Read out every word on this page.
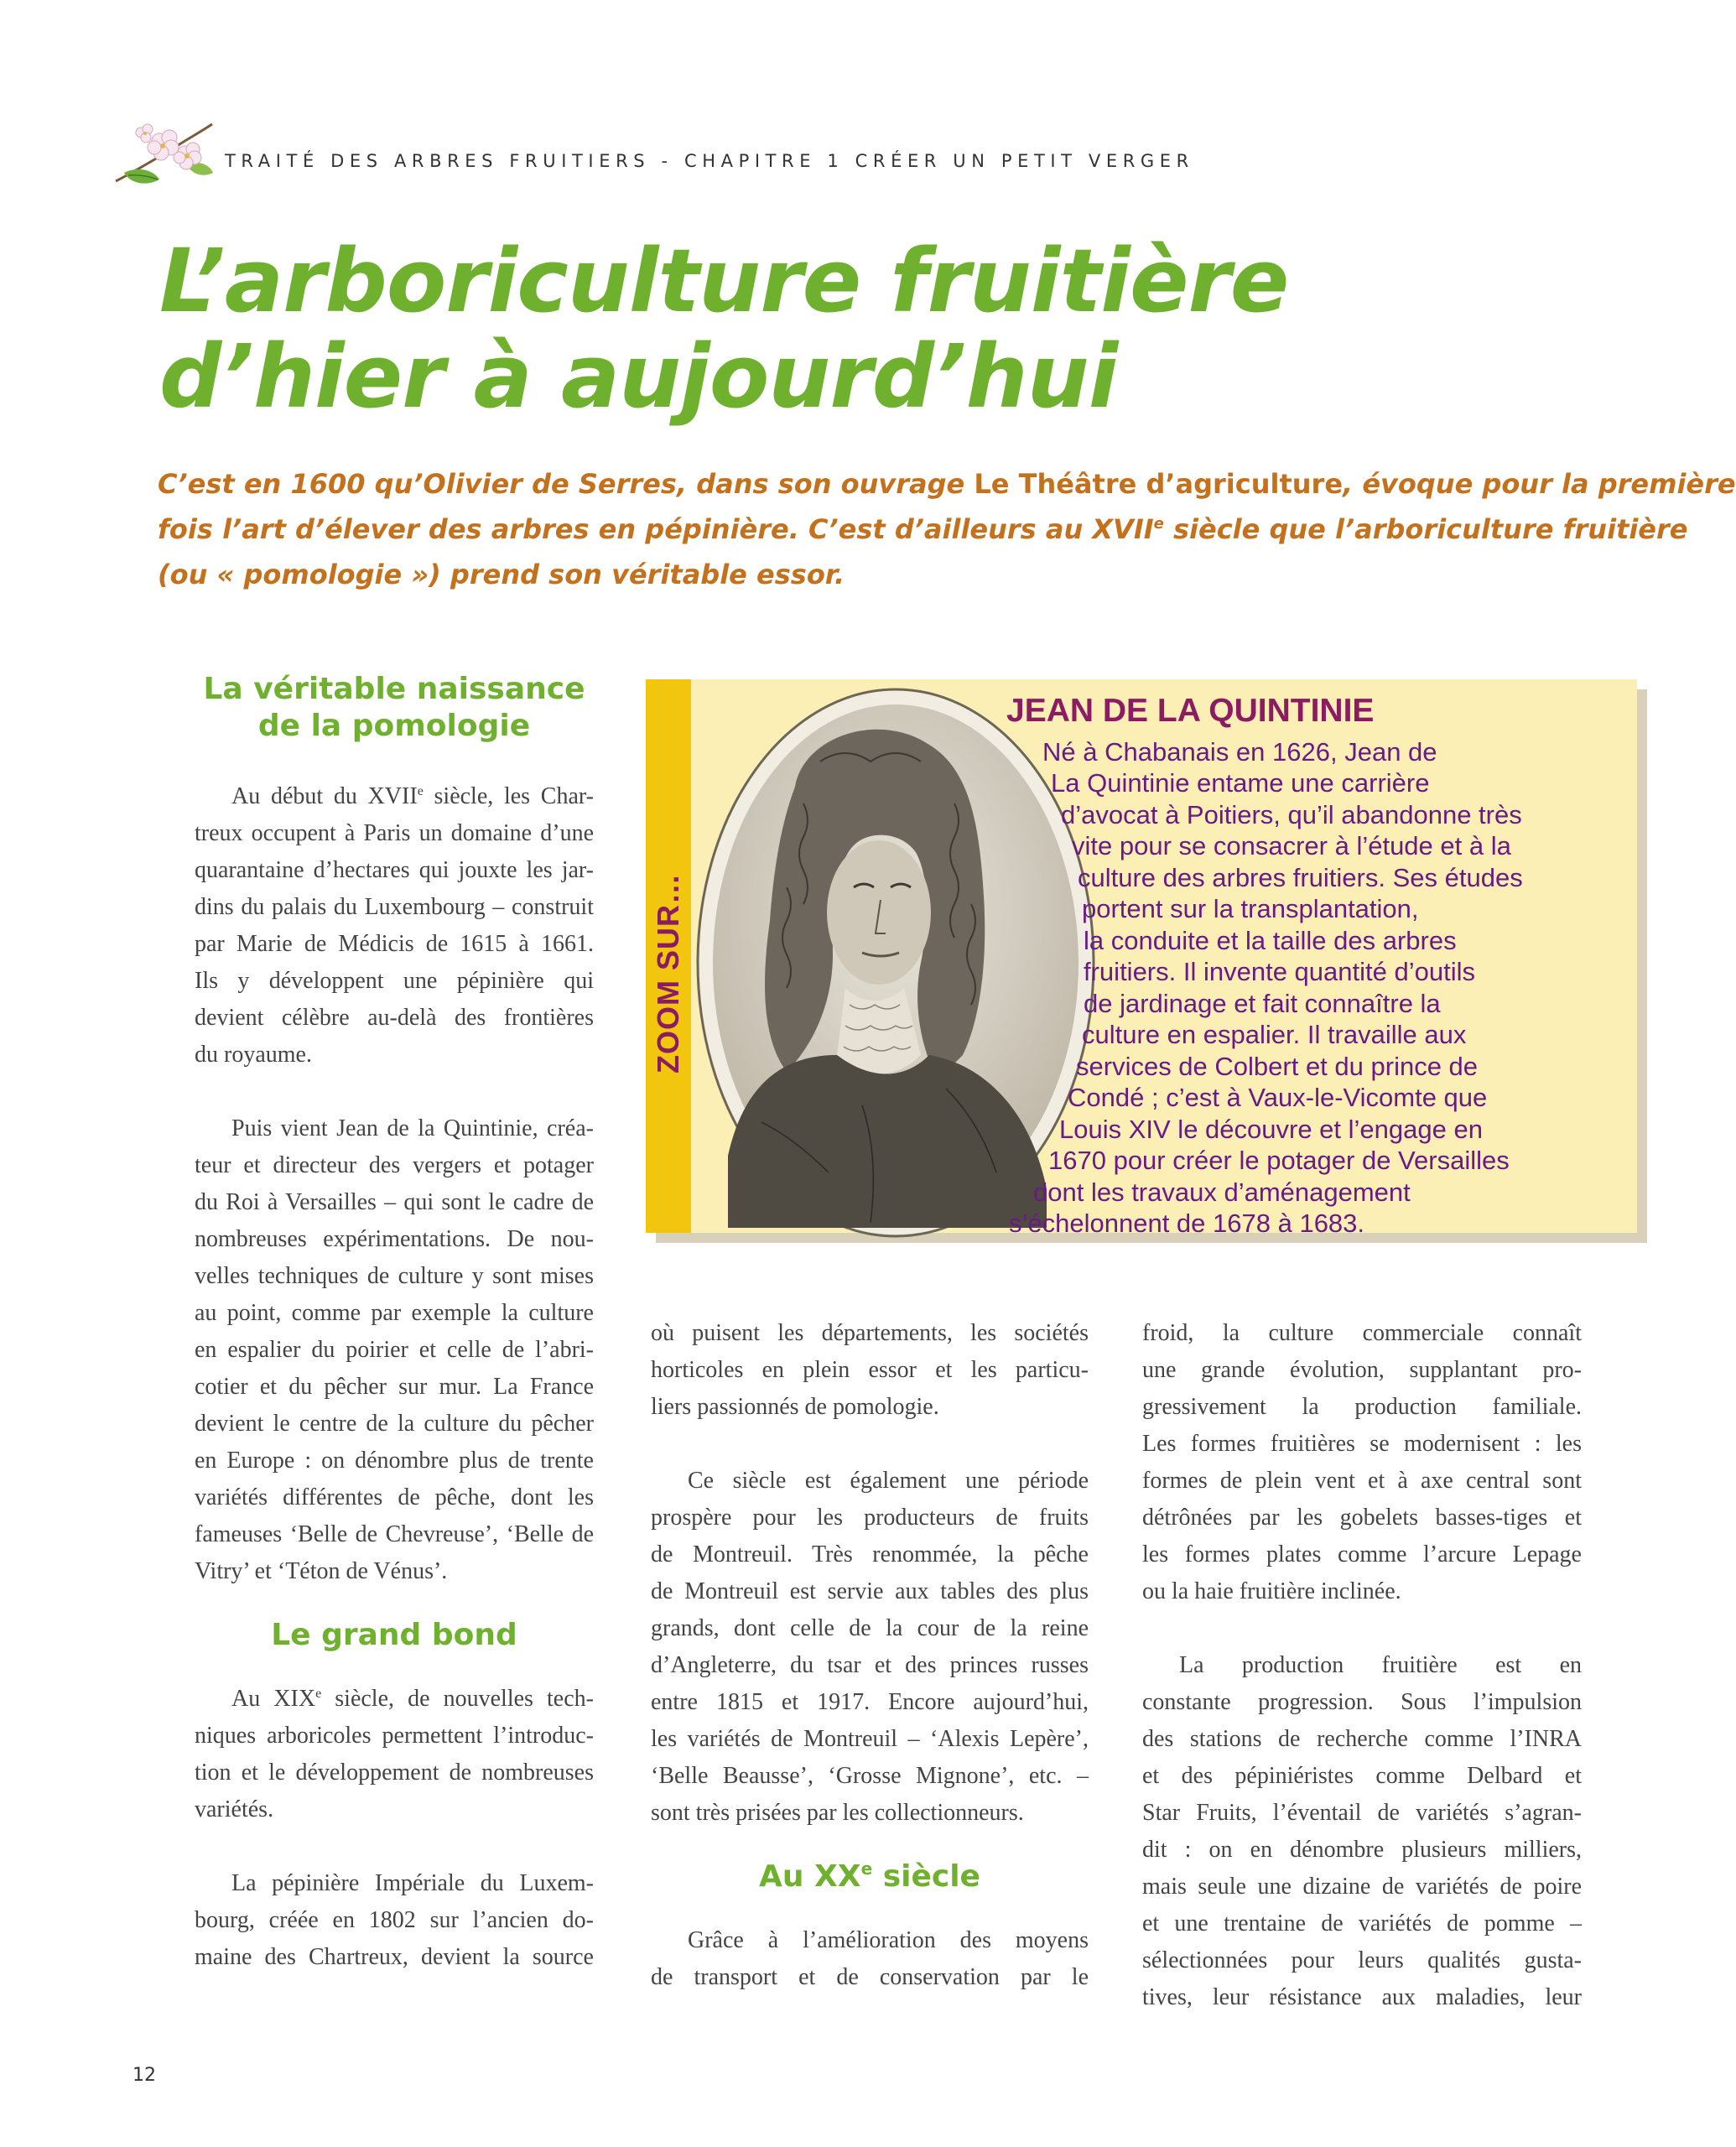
TRAITÉ DES ARBRES FRUITIERS - CHAPITRE 1 CRÉER UN PETIT VERGER
L’arboriculture fruitière
d’hier à aujourd’hui
C’est en 1600 qu’Olivier de Serres, dans son ouvrage Le Théâtre d’agriculture, évoque pour la première
fois l’art d’élever des arbres en pépinière. C’est d’ailleurs au XVIIe siècle que l’arboriculture fruitière
(ou « pomologie ») prend son véritable essor.
La véritable naissance
de la pomologie

Au début du XVIIe siècle, les Char-
treux occupent à Paris un domaine d’une
quarantaine d’hectares qui jouxte les jar-
dins du palais du Luxembourg – construit
par Marie de Médicis de 1615 à 1661.
Ils y développent une pépinière qui
devient célèbre au-delà des frontières
du royaume.

Puis vient Jean de la Quintinie, créa-
teur et directeur des vergers et potager
du Roi à Versailles – qui sont le cadre de
nombreuses expérimentations. De nou-
velles techniques de culture y sont mises
au point, comme par exemple la culture
en espalier du poirier et celle de l’abri-
cotier et du pêcher sur mur. La France
devient le centre de la culture du pêcher
en Europe : on dénombre plus de trente
variétés différentes de pêche, dont les
fameuses ‘Belle de Chevreuse’, ‘Belle de
Vitry’ et ‘Téton de Vénus’.

Le grand bond

Au XIXe siècle, de nouvelles tech-
niques arboricoles permettent l’introduc-
tion et le développement de nombreuses
variétés.

La pépinière Impériale du Luxem-
bourg, créée en 1802 sur l’ancien do-
maine des Chartreux, devient la source

ZOOM SUR…
JEAN DE LA QUINTINIE
Né à Chabanais en 1626, Jean de
La Quintinie entame une carrière
d’avocat à Poitiers, qu’il abandonne très
vite pour se consacrer à l’étude et à la
culture des arbres fruitiers. Ses études
portent sur la transplantation,
la conduite et la taille des arbres
fruitiers. Il invente quantité d’outils
de jardinage et fait connaître la
culture en espalier. Il travaille aux
services de Colbert et du prince de
Condé ; c’est à Vaux-le-Vicomte que
Louis XIV le découvre et l’engage en
1670 pour créer le potager de Versailles
dont les travaux d’aménagement
s’échelonnent de 1678 à 1683.

où puisent les départements, les sociétés
horticoles en plein essor et les particu-
liers passionnés de pomologie.

Ce siècle est également une période
prospère pour les producteurs de fruits
de Montreuil. Très renommée, la pêche
de Montreuil est servie aux tables des plus
grands, dont celle de la cour de la reine
d’Angleterre, du tsar et des princes russes
entre 1815 et 1917. Encore aujourd’hui,
les variétés de Montreuil – ‘Alexis Lepère’,
‘Belle Beausse’, ‘Grosse Mignone’, etc. –
sont très prisées par les collectionneurs.

Au XXe siècle

Grâce à l’amélioration des moyens
de transport et de conservation par le

froid, la culture commerciale connaît
une grande évolution, supplantant pro-
gressivement la production familiale.
Les formes fruitières se modernisent : les
formes de plein vent et à axe central sont
détrônées par les gobelets basses-tiges et
les formes plates comme l’arcure Lepage
ou la haie fruitière inclinée.

La production fruitière est en
constante progression. Sous l’impulsion
des stations de recherche comme l’INRA
et des pépiniéristes comme Delbard et
Star Fruits, l’éventail de variétés s’agran-
dit : on en dénombre plusieurs milliers,
mais seule une dizaine de variétés de poire
et une trentaine de variétés de pomme –
sélectionnées pour leurs qualités gusta-
tives, leur résistance aux maladies, leur

12
